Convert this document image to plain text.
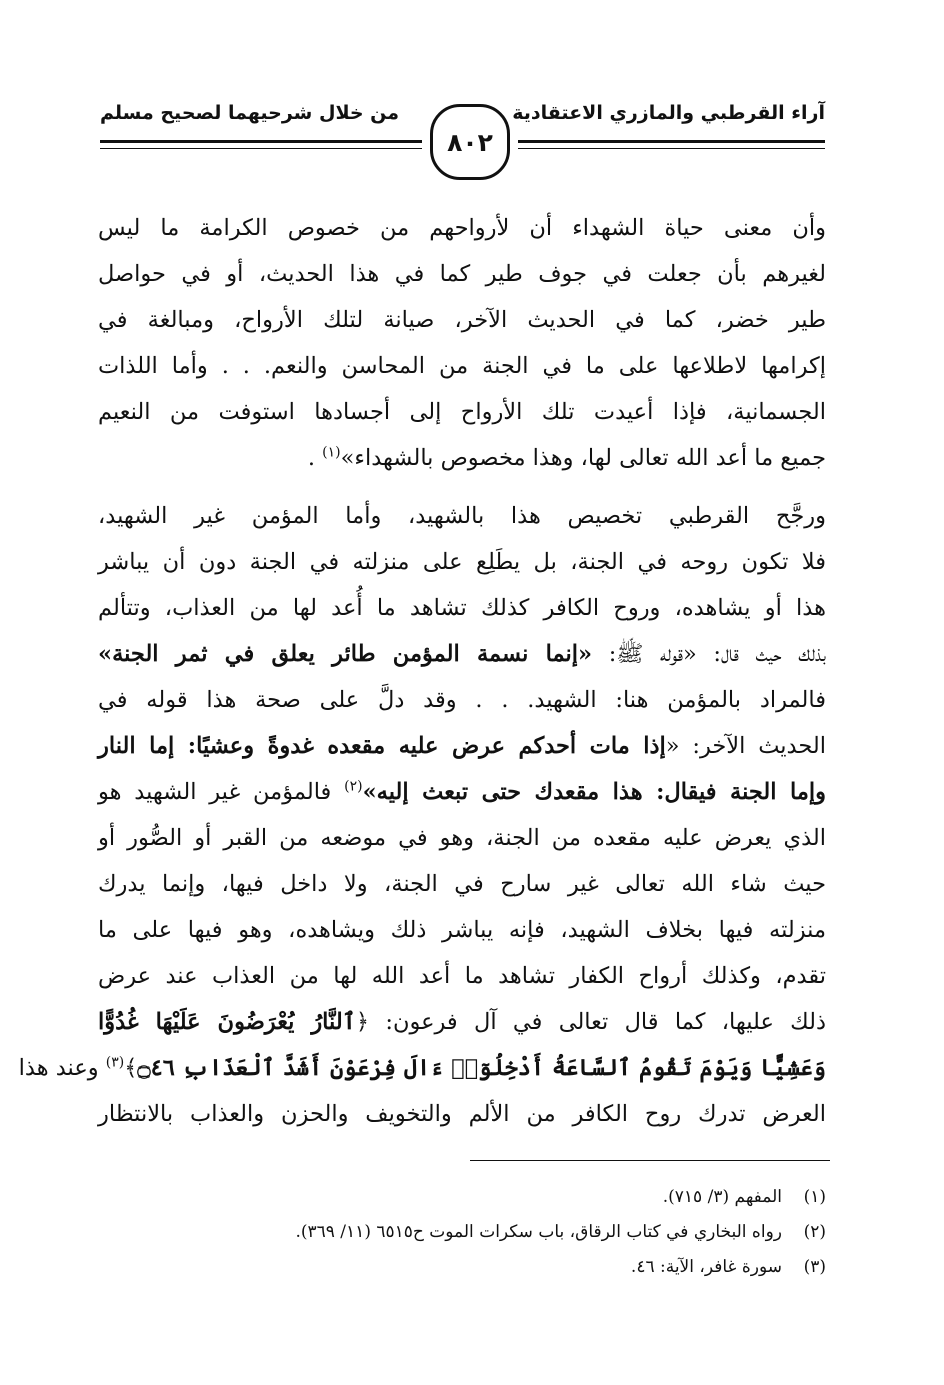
آراء القرطبي والمازري الاعتقادية
من خلال شرحيهما لصحيح مسلم
٨٠٢
وأن معنى حياة الشهداء أن لأرواحهم من خصوص الكرامة ما ليس
لغيرهم بأن جعلت في جوف طير كما في هذا الحديث، أو في حواصل
طير خضر، كما في الحديث الآخر، صيانة لتلك الأرواح، ومبالغة في
إكرامها لاطلاعها على ما في الجنة من المحاسن والنعم. . . وأما اللذات
الجسمانية، فإذا أعيدت تلك الأرواح إلى أجسادها استوفت من النعيم
جميع ما أعد الله تعالى لها، وهذا مخصوص بالشهداء»$^{(١)}$ .
ورجَّح القرطبي تخصيص هذا بالشهيد، وأما المؤمن غير الشهيد،
فلا تكون روحه في الجنة، بل يطَلِع على منزلته في الجنة دون أن يباشر
هذا أو يشاهده، وروح الكافر كذلك تشاهد ما أُعد لها من العذاب، وتتألم
بذلك حيث قال: «قوله ﷺ: «إنما نسمة المؤمن طائر يعلق في ثمر الجنة»
فالمراد بالمؤمن هنا: الشهيد. . . وقد دلَّ على صحة هذا قوله في
الحديث الآخر: «إذا مات أحدكم عرض عليه مقعده غدوةً وعشيًا: إما النار
وإما الجنة فيقال: هذا مقعدك حتى تبعث إليه»$^{(٢)}$ فالمؤمن غير الشهيد هو
الذي يعرض عليه مقعده من الجنة، وهو في موضعه من القبر أو الصُّور أو
حيث شاء الله تعالى غير سارح في الجنة، ولا داخل فيها، وإنما يدرك
منزلته فيها بخلاف الشهيد، فإنه يباشر ذلك ويشاهده، وهو فيها على ما
تقدم، وكذلك أرواح الكفار تشاهد ما أعد الله لها من العذاب عند عرض
ذلك عليها، كما قال تعالى في آل فرعون: ﴿ٱلنَّارُ يُعْرَضُونَ عَلَيْهَا غُدُوًّا
وَعَشِيًّا وَيَوْمَ تَقُومُ ٱلسَّاعَةُ أَدْخِلُوٓا۟ ءَالَ فِرْعَوْنَ أَشَدَّ ٱلْعَذَابِ ۝٤٦﴾$^{(٣)}$ وعند هذا
العرض تدرك روح الكافر من الألم والتخويف والحزن والعذاب بالانتظار
(١)المفهم (٣/ ٧١٥).
(٢)رواه البخاري في كتاب الرقاق، باب سكرات الموت ح٦٥١٥ (١١/ ٣٦٩).
(٣)سورة غافر، الآية: ٤٦.
